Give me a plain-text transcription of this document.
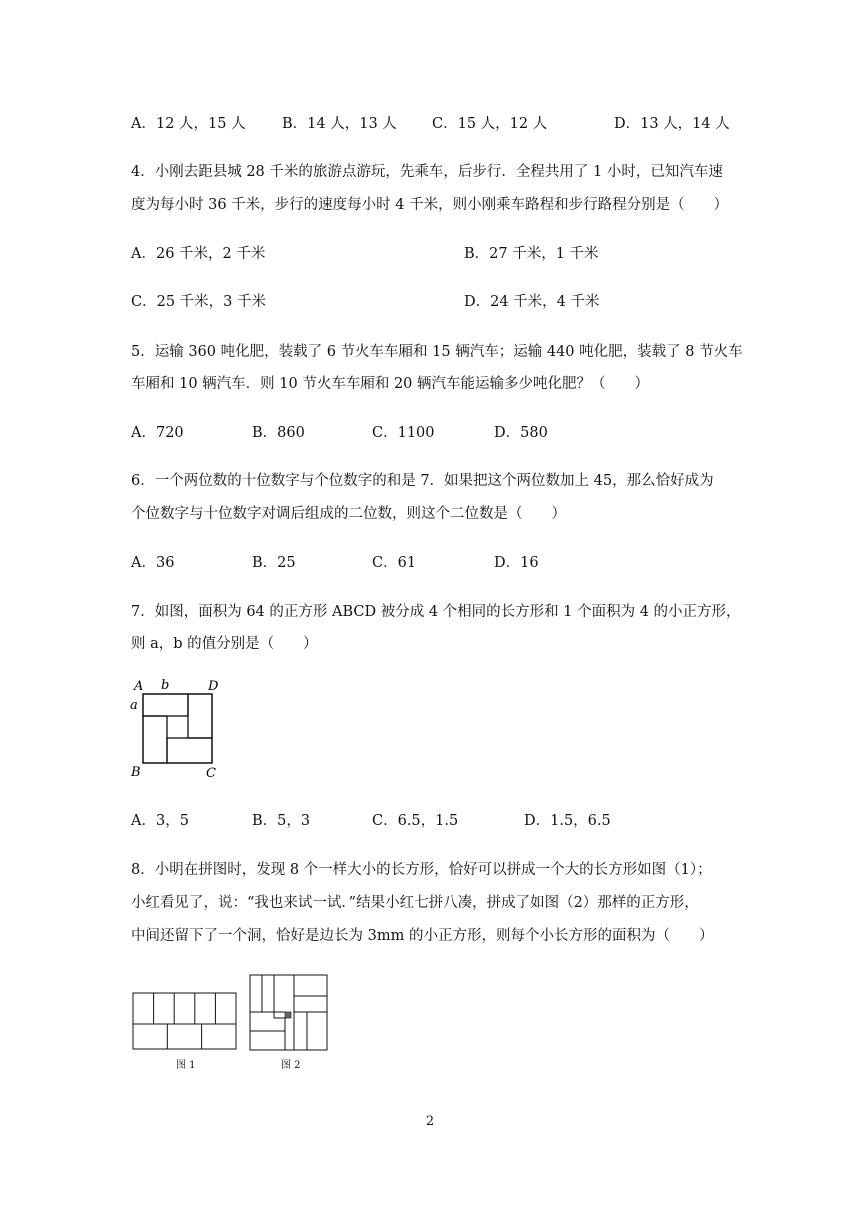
A．12 人，15 人	B．14 人，13 人 C．15 人，12 人	D．13 人，14 人
4．小刚去距县城 28 千米的旅游点游玩，先乘车，后步行．全程共用了 1 小时，已知汽车速
度为每小时 36 千米，步行的速度每小时 4 千米，则小刚乘车路程和步行路程分别是（　　）
A．26 千米，2 千米	B．27 千米，1 千米
C．25 千米，3 千米	D．24 千米，4 千米
5．运输 360 吨化肥，装载了 6 节火车车厢和 15 辆汽车；运输 440 吨化肥，装载了 8 节火车
车厢和 10 辆汽车．则 10 节火车车厢和 20 辆汽车能运输多少吨化肥？（　　）
A．720	B．860	C．1100	D．580
6．一个两位数的十位数字与个位数字的和是 7．如果把这个两位数加上 45，那么恰好成为
个位数字与十位数字对调后组成的二位数，则这个二位数是（　　）
A．36	B．25	C．61	D．16
7．如图，面积为 64 的正方形 ABCD 被分成 4 个相同的长方形和 1 个面积为 4 的小正方形，
则 a，b 的值分别是（　　）
A b	D
a
B	C
A．3，5	B．5，3	C．6.5，1.5	D．1.5，6.5
8．小明在拼图时，发现 8 个一样大小的长方形，恰好可以拼成一个大的长方形如图（1）；
小红看见了，说：“我也来试一试．”结果小红七拼八凑，拼成了如图（2）那样的正方形，
中间还留下了一个洞，恰好是边长为 3mm 的小正方形，则每个小长方形的面积为（　　）
图 1	图 2
2
